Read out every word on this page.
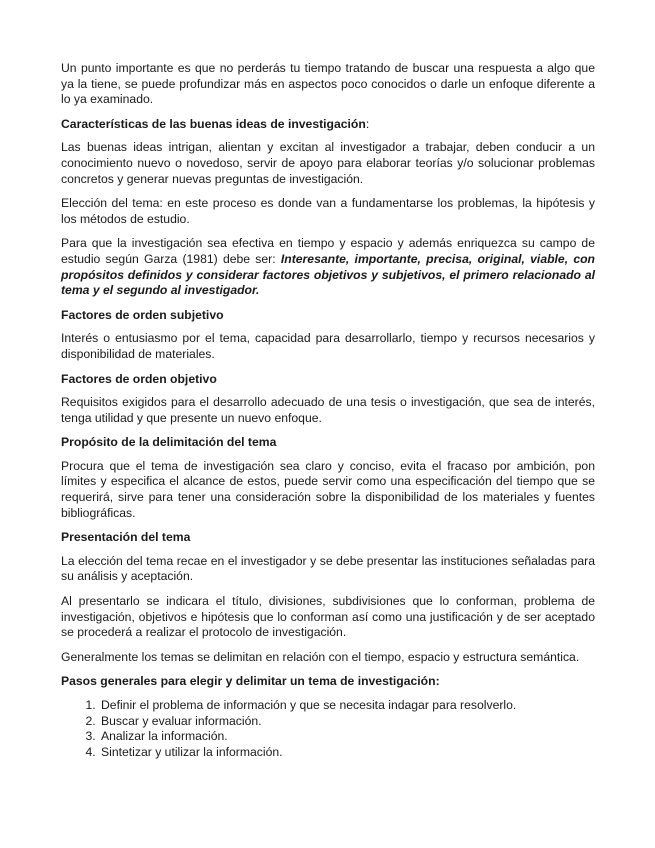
Un punto importante es que no perderás tu tiempo tratando de buscar una respuesta a algo que ya la tiene, se puede profundizar más en aspectos poco conocidos o darle un enfoque diferente a lo ya examinado.

Características de las buenas ideas de investigación:

Las buenas ideas intrigan, alientan y excitan al investigador a trabajar, deben conducir a un conocimiento nuevo o novedoso, servir de apoyo para elaborar teorías y/o solucionar problemas concretos y generar nuevas preguntas de investigación.

Elección del tema: en este proceso es donde van a fundamentarse los problemas, la hipótesis y los métodos de estudio.

Para que la investigación sea efectiva en tiempo y espacio y además enriquezca su campo de estudio según Garza (1981) debe ser: Interesante, importante, precisa, original, viable, con propósitos definidos y considerar factores objetivos y subjetivos, el primero relacionado al tema y el segundo al investigador.

Factores de orden subjetivo

Interés o entusiasmo por el tema, capacidad para desarrollarlo, tiempo y recursos necesarios y disponibilidad de materiales.

Factores de orden objetivo

Requisitos exigidos para el desarrollo adecuado de una tesis o investigación, que sea de interés, tenga utilidad y que presente un nuevo enfoque.

Propósito de la delimitación del tema

Procura que el tema de investigación sea claro y conciso, evita el fracaso por ambición, pon límites y especifica el alcance de estos, puede servir como una especificación del tiempo que se requerirá, sirve para tener una consideración sobre la disponibilidad de los materiales y fuentes bibliográficas.

Presentación del tema

La elección del tema recae en el investigador y se debe presentar las instituciones señaladas para su análisis y aceptación.

Al presentarlo se indicara el título, divisiones, subdivisiones que lo conforman, problema de investigación, objetivos e hipótesis que lo conforman así como una justificación y de ser aceptado se procederá a realizar el protocolo de investigación.

Generalmente los temas se delimitan en relación con el tiempo, espacio y estructura semántica.

Pasos generales para elegir y delimitar un tema de investigación:

1. Definir el problema de información y que se necesita indagar para resolverlo.
2. Buscar y evaluar información.
3. Analizar la información.
4. Sintetizar y utilizar la información.
